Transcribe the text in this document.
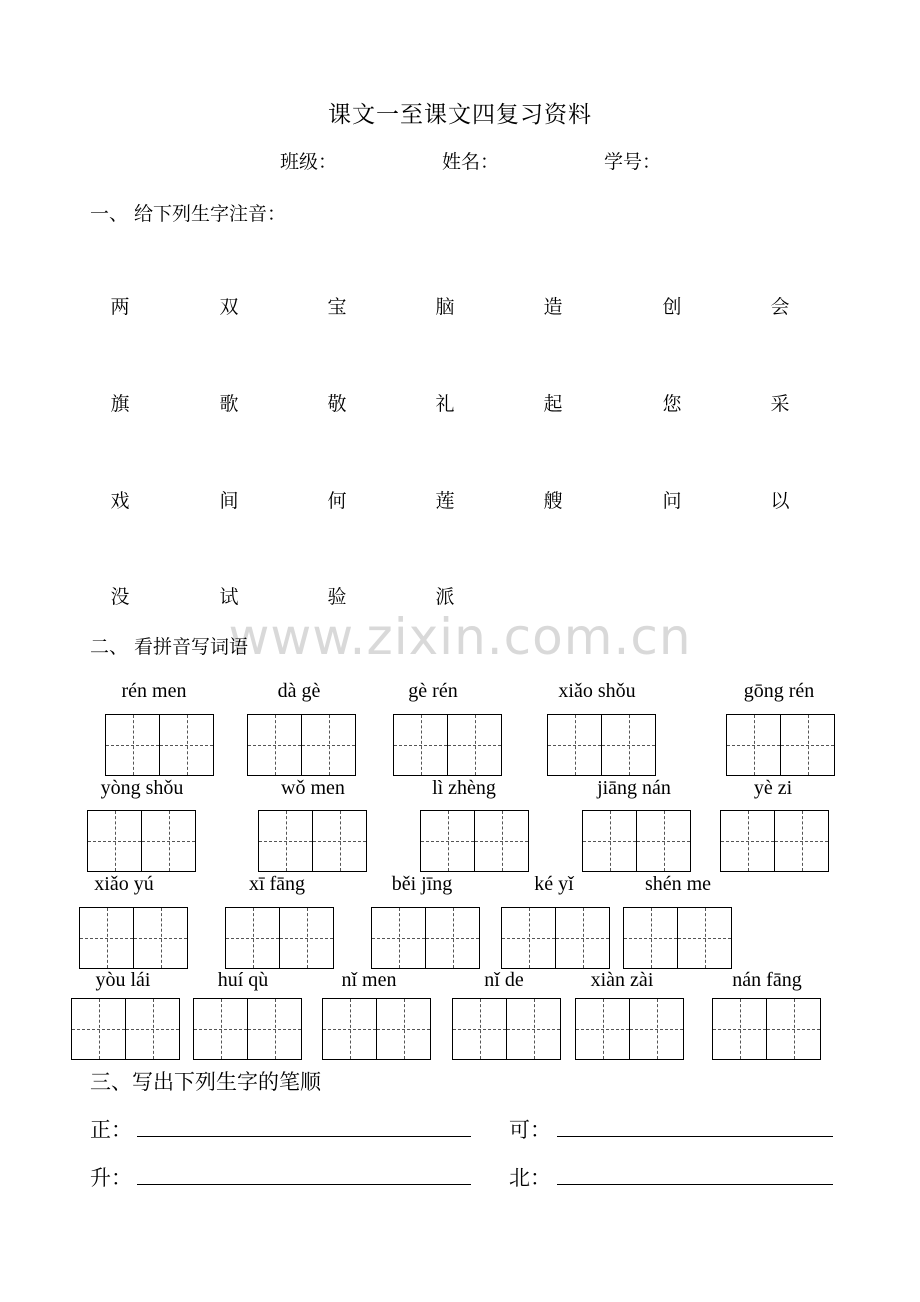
课文一至课文四复习资料
班级：	姓名：	学号：
一、 给下列生字注音：
两	双	宝	脑	造	创	会
旗	歌	敬	礼	起	您	采
戏	间	何	莲	艘	问	以
没	试	验	派
www.zixin.com.cn
二、 看拼音写词语
rén men	dà gè	gè rén	xiǎo shǒu	gōng rén
yòng shǒu	wǒ men	lì zhèng	jiāng nán	yè zi
xiǎo yú	xī fāng	běi jīng	ké yǐ	shén me
yòu lái	huí qù	nǐ men	nǐ de	xiàn zài	nán fāng
三、写出下列生字的笔顺
正：	可：
升：	北：
